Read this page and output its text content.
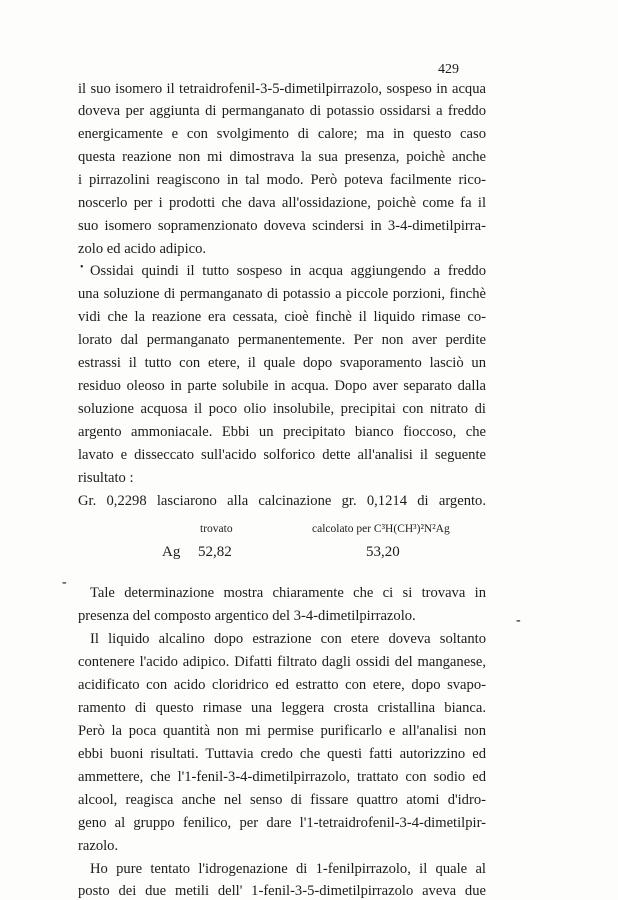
429
il suo isomero il tetraidrofenil-3-5-dimetilpirrazolo, sospeso in acqua
doveva per aggiunta di permanganato di potassio ossidarsi a freddo
energicamente e con svolgimento di calore; ma in questo caso
questa reazione non mi dimostrava la sua presenza, poichè anche
i pirrazolini reagiscono in tal modo. Però poteva facilmente rico-
noscerlo per i prodotti che dava all'ossidazione, poichè come fa il
suo isomero sopramenzionato doveva scindersi in 3-4-dimetilpirra-
zolo ed acido adipico.
• Ossidai quindi il tutto sospeso in acqua aggiungendo a freddo
una soluzione di permanganato di potassio a piccole porzioni, finchè
vidi che la reazione era cessata, cioè finchè il liquido rimase co-
lorato dal permanganato permanentemente. Per non aver perdite
estrassi il tutto con etere, il quale dopo svaporamento lasciò un
residuo oleoso in parte solubile in acqua. Dopo aver separato dalla
soluzione acquosa il poco olio insolubile, precipitai con nitrato di
argento ammoniacale. Ebbi un precipitato bianco fioccoso, che
lavato e disseccato sull'acido solforico dette all'analisi il seguente
risultato :
Gr. 0,2298 lasciarono alla calcinazione gr. 0,1214 di argento.
trovato	calcolato per C³H(CH³)²N²Ag
Ag 52,82	53,20
-
Tale determinazione mostra chiaramente che ci si trovava in
presenza del composto argentico del 3-4-dimetilpirrazolo.
Il liquido alcalino dopo estrazione con etere doveva soltanto
contenere l'acido adipico. Difatti filtrato dagli ossidi del manganese,
acidificato con acido cloridrico ed estratto con etere, dopo svapo-
ramento di questo rimase una leggera crosta cristallina bianca.
Però la poca quantità non mi permise purificarlo e all'analisi non
ebbi buoni risultati. Tuttavia credo che questi fatti autorizzino ed
ammettere, che l'1-fenil-3-4-dimetilpirrazolo, trattato con sodio ed
alcool, reagisca anche nel senso di fissare quattro atomi d'idro-
geno al gruppo fenilico, per dare l'1-tetraidrofenil-3-4-dimetilpir-
razolo.
-
Ho pure tentato l'idrogenazione di 1-fenilpirrazolo, il quale al
posto dei due metili dell' 1-fenil-3-5-dimetilpirrazolo aveva due
